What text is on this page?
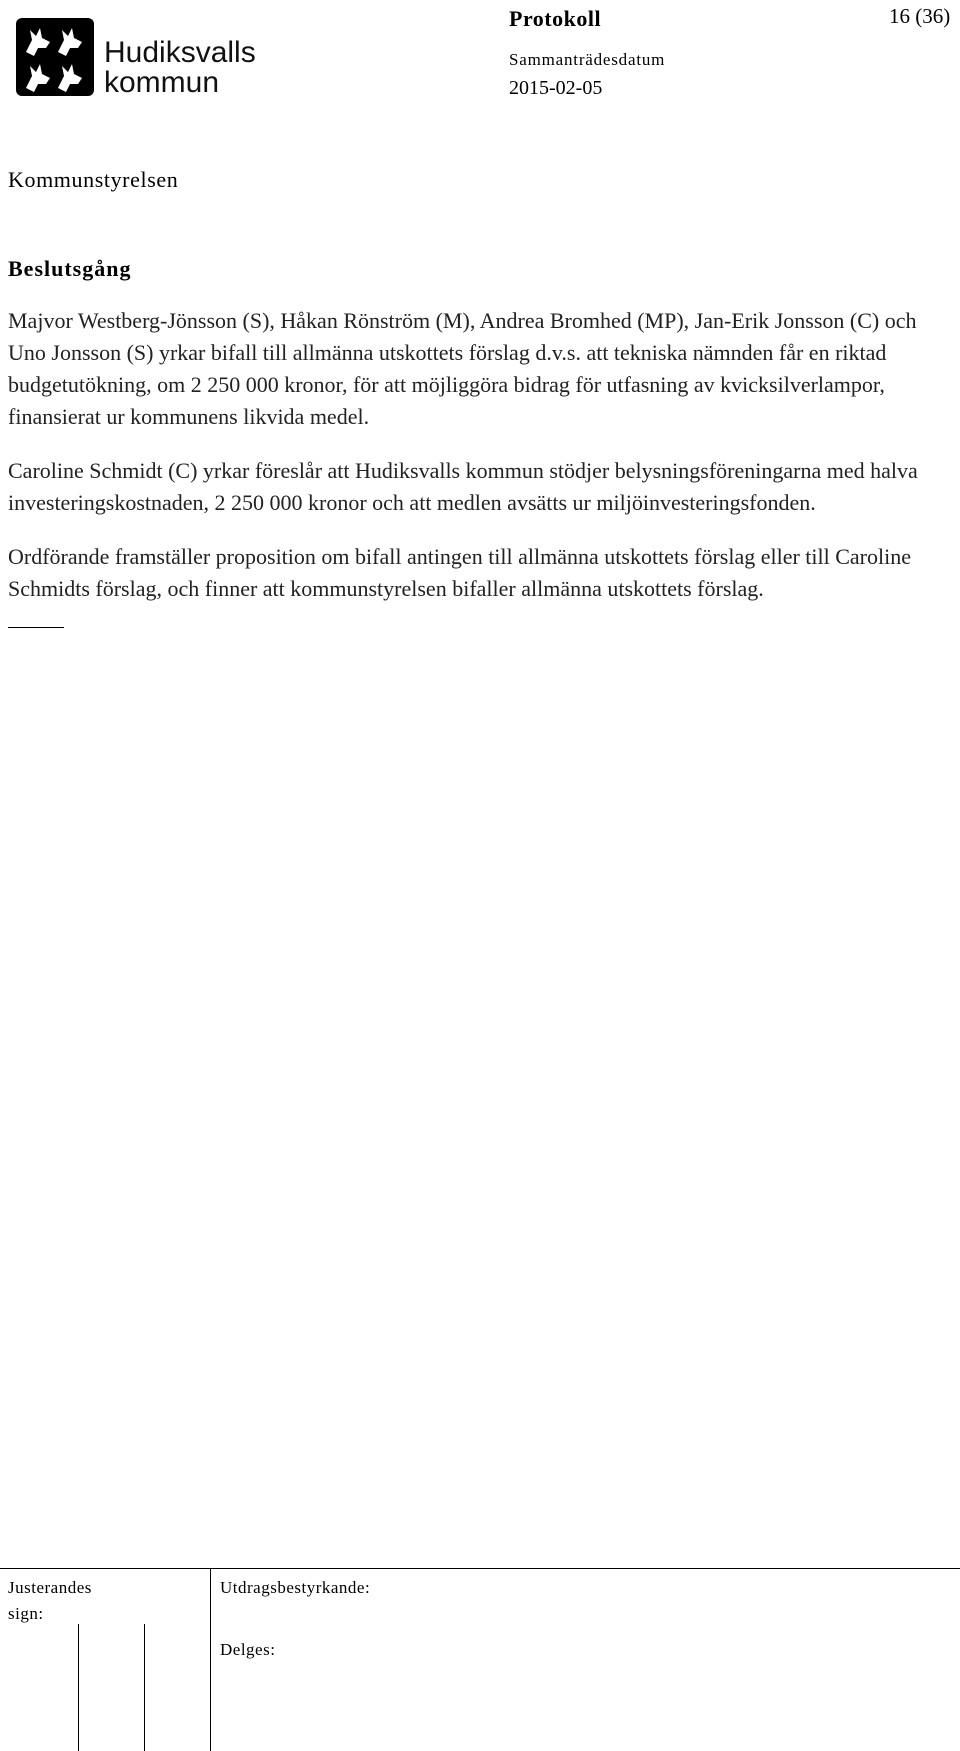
Hudiksvalls
kommun
Protokoll	16 (36)
Sammanträdesdatum
2015-02-05
Kommunstyrelsen
Beslutsgång

Majvor Westberg-Jönsson (S), Håkan Rönström (M), Andrea Bromhed (MP), Jan-Erik Jonsson (C) och Uno Jonsson (S) yrkar bifall till allmänna utskottets förslag d.v.s. att tekniska nämnden får en riktad budgetutökning, om 2 250 000 kronor, för att möjliggöra bidrag för utfasning av kvicksilverlampor, finansierat ur kommunens likvida medel.

Caroline Schmidt (C) yrkar föreslår att Hudiksvalls kommun stödjer belysningsföreningarna med halva investeringskostnaden, 2 250 000 kronor och att medlen avsätts ur miljöinvesteringsfonden.

Ordförande framställer proposition om bifall antingen till allmänna utskottets förslag eller till Caroline Schmidts förslag, och finner att kommunstyrelsen bifaller allmänna utskottets förslag.

Justerandes
sign:
Utdragsbestyrkande:
Delges:
